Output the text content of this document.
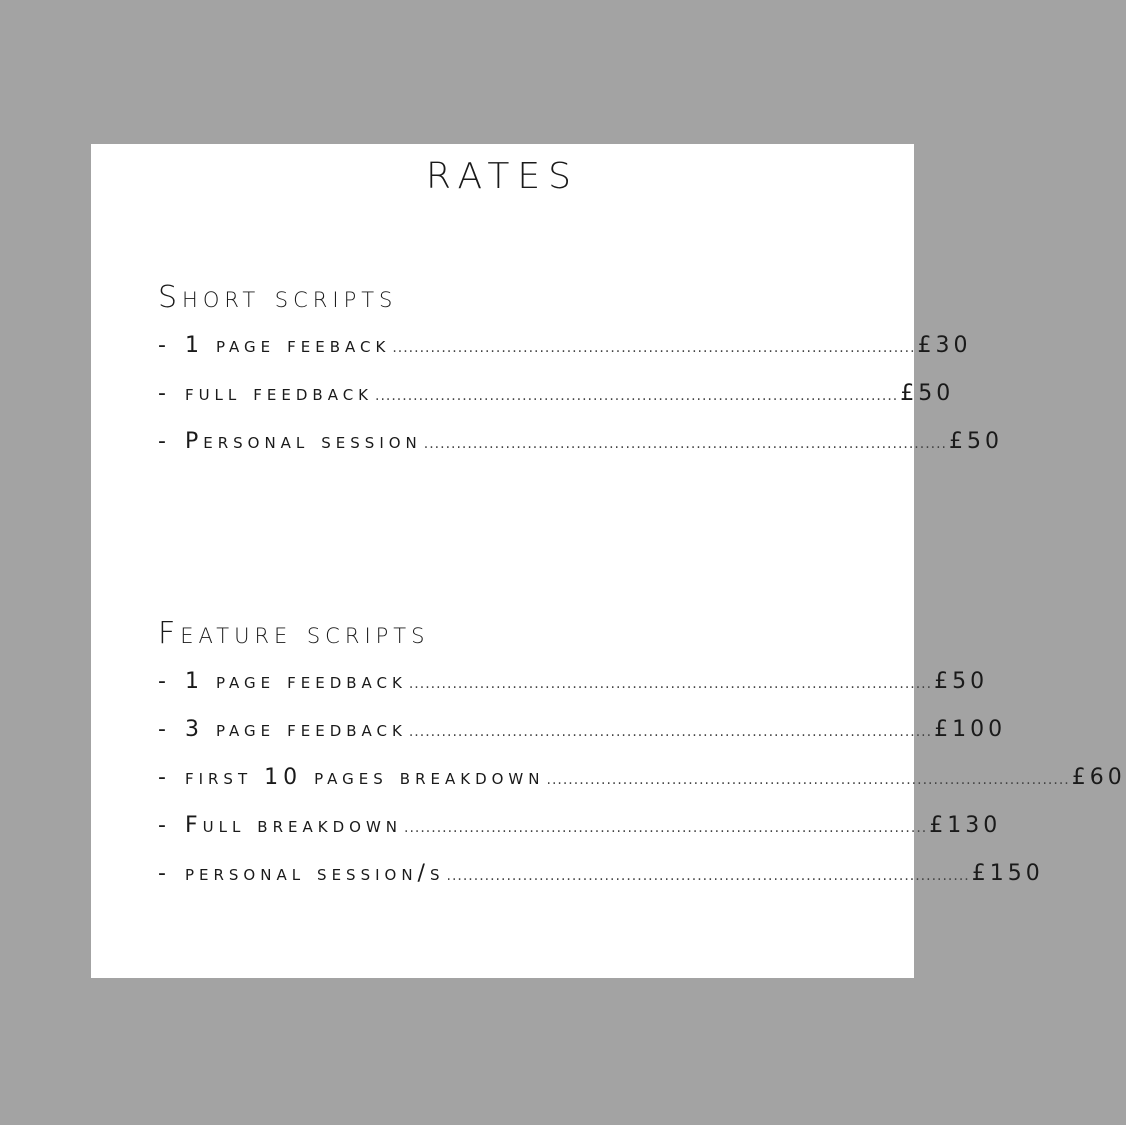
RATES
Short scripts
- 1 page feeback ................................................................................................ £30
- full feedback ................................................................................................ £50
- Personal session ................................................................................................ £50
Feature scripts
- 1 page feedback ................................................................................................ £50
- 3 page feedback ................................................................................................ £100
- first 10 pages breakdown ................................................................................................ £60
- Full breakdown ................................................................................................ £130
- personal session/s ................................................................................................ £150
